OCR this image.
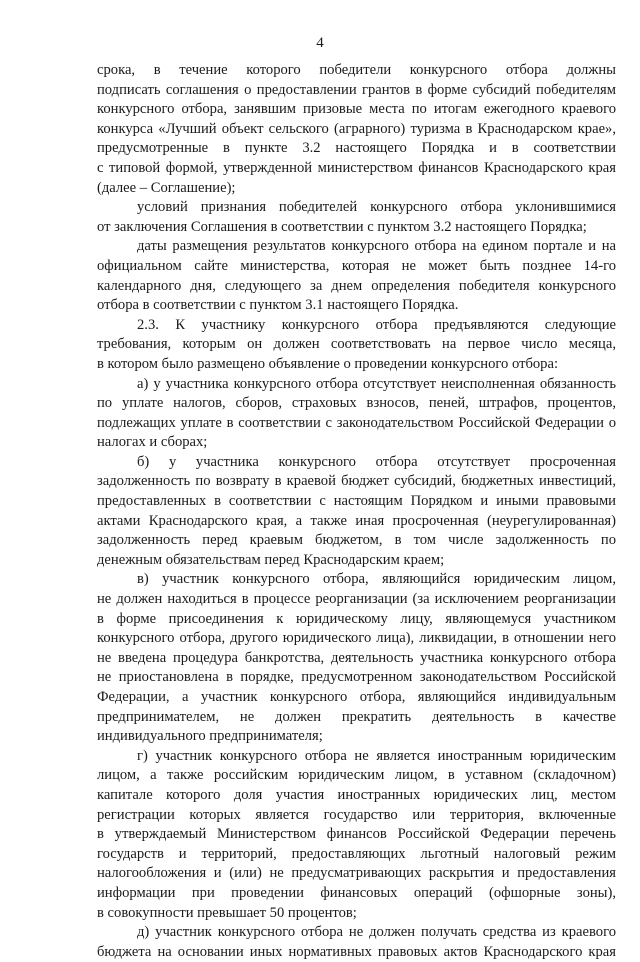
4

срока, в течение которого победители конкурсного отбора должны
подписать соглашения о предоставлении грантов в форме субсидий победителям
конкурсного отбора, занявшим призовые места по итогам ежегодного краевого
конкурса «Лучший объект сельского (аграрного) туризма в Краснодарском крае»,
предусмотренные в пункте 3.2 настоящего Порядка и в соответствии
с типовой формой, утвержденной министерством финансов Краснодарского края
(далее – Соглашение);

условий признания победителей конкурсного отбора уклонившимися
от заключения Соглашения в соответствии с пунктом 3.2 настоящего Порядка;

даты размещения результатов конкурсного отбора на едином портале и на
официальном сайте министерства, которая не может быть позднее 14-го
календарного дня, следующего за днем определения победителя конкурсного
отбора в соответствии с пунктом 3.1 настоящего Порядка.

2.3. К участнику конкурсного отбора предъявляются следующие
требования, которым он должен соответствовать на первое число месяца,
в котором было размещено объявление о проведении конкурсного отбора:

а) у участника конкурсного отбора отсутствует неисполненная обязанность
по уплате налогов, сборов, страховых взносов, пеней, штрафов, процентов,
подлежащих уплате в соответствии с законодательством Российской Федерации о
налогах и сборах;

б) у участника конкурсного отбора отсутствует просроченная
задолженность по возврату в краевой бюджет субсидий, бюджетных инвестиций,
предоставленных в соответствии с настоящим Порядком и иными правовыми
актами Краснодарского края, а также иная просроченная (неурегулированная)
задолженность перед краевым бюджетом, в том числе задолженность по
денежным обязательствам перед Краснодарским краем;

в) участник конкурсного отбора, являющийся юридическим лицом,
не должен находиться в процессе реорганизации (за исключением реорганизации
в форме присоединения к юридическому лицу, являющемуся участником
конкурсного отбора, другого юридического лица), ликвидации, в отношении него
не введена процедура банкротства, деятельность участника конкурсного отбора
не приостановлена в порядке, предусмотренном законодательством Российской
Федерации, а участник конкурсного отбора, являющийся индивидуальным
предпринимателем, не должен прекратить деятельность в качестве
индивидуального предпринимателя;

г) участник конкурсного отбора не является иностранным юридическим
лицом, а также российским юридическим лицом, в уставном (складочном)
капитале которого доля участия иностранных юридических лиц, местом
регистрации которых является государство или территория, включенные
в утверждаемый Министерством финансов Российской Федерации перечень
государств и территорий, предоставляющих льготный налоговый режим
налогообложения и (или) не предусматривающих раскрытия и предоставления
информации при проведении финансовых операций (офшорные зоны),
в совокупности превышает 50 процентов;

д) участник конкурсного отбора не должен получать средства из краевого
бюджета на основании иных нормативных правовых актов Краснодарского края
